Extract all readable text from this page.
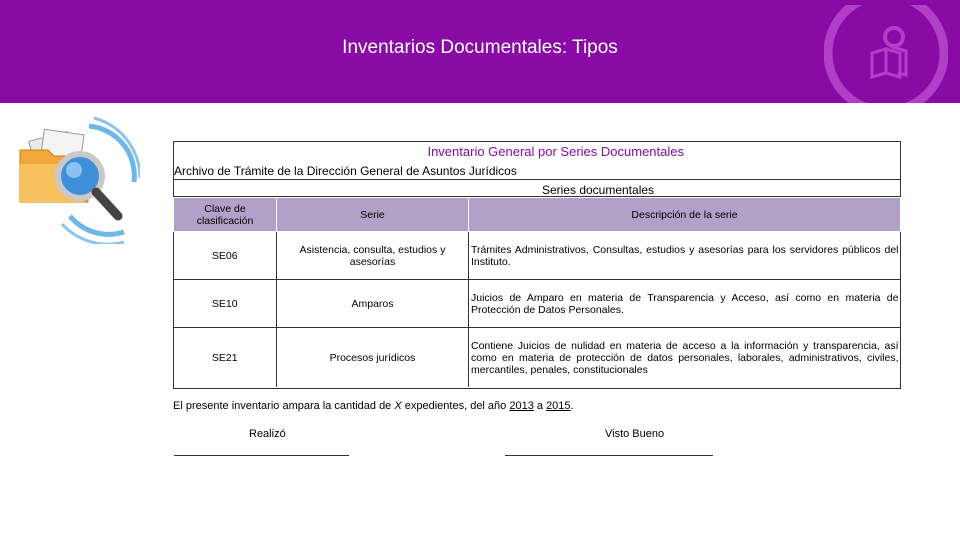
Inventarios Documentales: Tipos
Inventario General por Series Documentales
Archivo de Trámite de la Dirección General de Asuntos Jurídicos
Series documentales
Clave de clasificación	Serie	Descripción de la serie
SE06	Asistencia, consulta, estudios y asesorías	Trámites Administrativos, Consultas, estudios y asesorías para los servidores públicos del Instituto.
SE10	Amparos	Juicios de Amparo en materia de Transparencia y Acceso, así como en materia de Protección de Datos Personales.
SE21	Procesos jurídicos	Contiene Juicios de nulidad en materia de acceso a la información y transparencia, así como en materia de protección de datos personales, laborales, administrativos, civiles, mercantiles, penales, constitucionales
El presente inventario ampara la cantidad de X expedientes, del año 2013 a 2015.
Realizó	Visto Bueno
